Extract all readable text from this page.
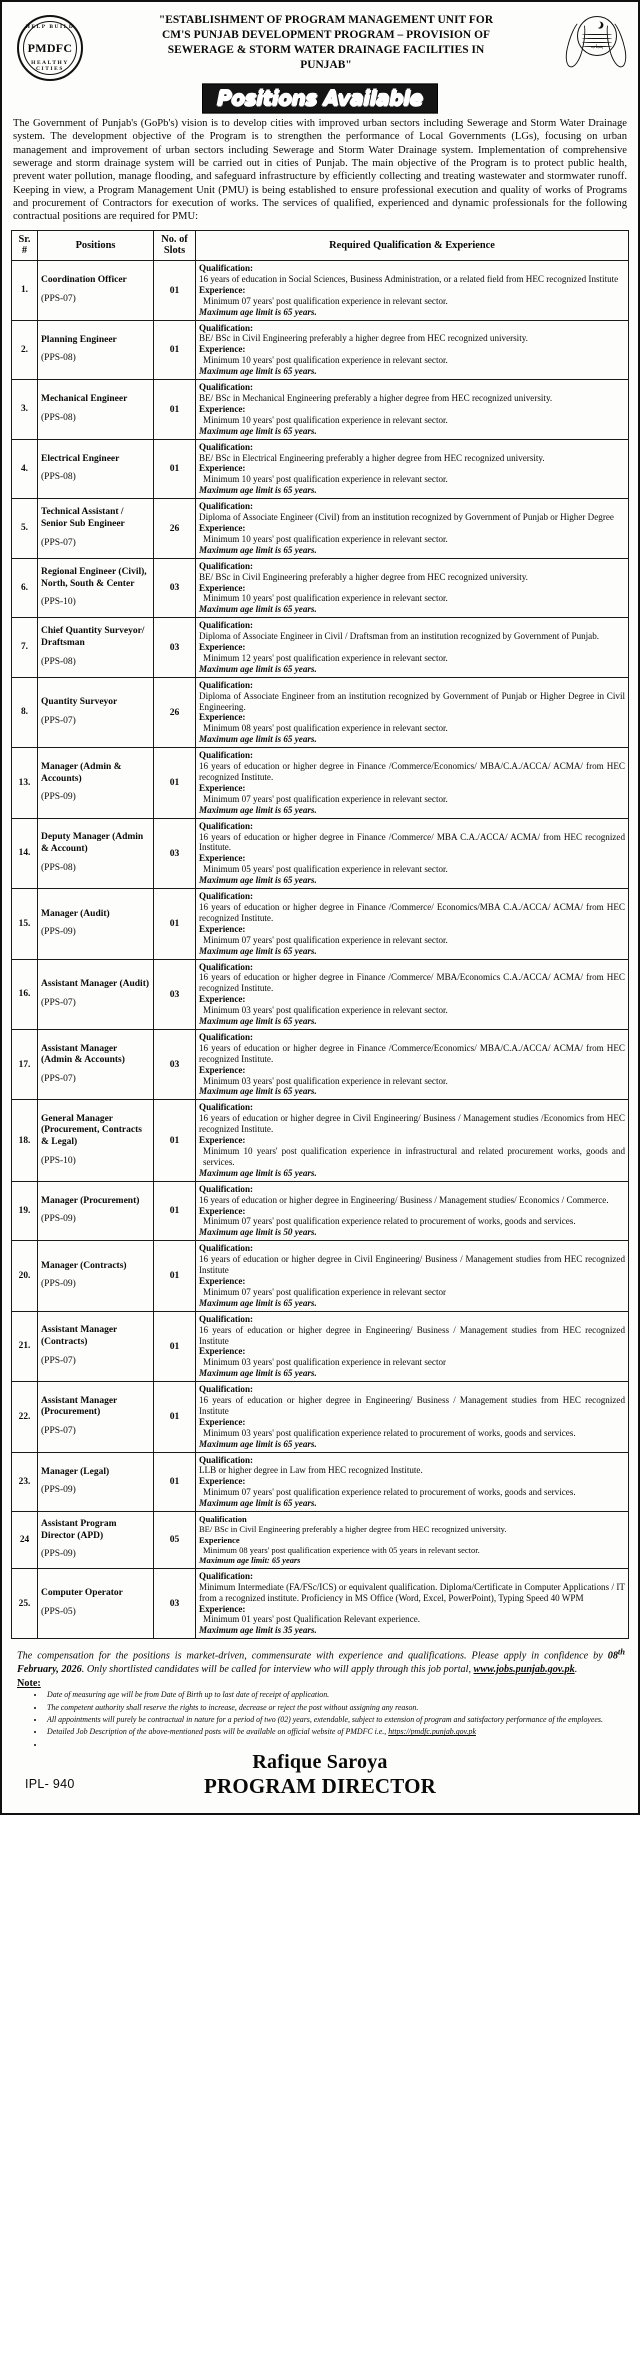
HELP BUILD
PMDFC
HEALTHY CITIES
"ESTABLISHMENT OF PROGRAM MANAGEMENT UNIT FOR
CM'S PUNJAB DEVELOPMENT PROGRAM – PROVISION OF
SEWERAGE & STORM WATER DRAINAGE FACILITIES IN
PUNJAB"
پنجاب
Positions Available

The Government of Punjab's (GoPb's) vision is to develop cities with improved urban sectors including Sewerage and Storm Water Drainage system. The development objective of the Program is to strengthen the performance of Local Governments (LGs), focusing on urban management and improvement of urban sectors including Sewerage and Storm Water Drainage system. Implementation of comprehensive sewerage and storm drainage system will be carried out in cities of Punjab. The main objective of the Program is to protect public health, prevent water pollution, manage flooding, and safeguard infrastructure by efficiently collecting and treating wastewater and stormwater runoff. Keeping in view, a Program Management Unit (PMU) is being established to ensure professional execution and quality of works of Programs and procurement of Contractors for execution of works. The services of qualified, experienced and dynamic professionals for the following contractual positions are required for PMU:

Sr.
#
	Positions	
No. of
Slots
	Required Qualification & Experience
1.	Coordination Officer
(PPS-07)	01	Qualification:
16 years of education in Social Sciences, Business Administration, or a related field from HEC recognized Institute
Experience:
Minimum 07 years' post qualification experience in relevant sector.
Maximum age limit is 65 years.

2.	Planning Engineer
(PPS-08)	01	Qualification:
BE/ BSc in Civil Engineering preferably a higher degree from HEC recognized university.
Experience:
Minimum 10 years' post qualification experience in relevant sector.
Maximum age limit is 65 years.

3.	Mechanical Engineer
(PPS-08)	01	Qualification:
BE/ BSc in Mechanical Engineering preferably a higher degree from HEC recognized university.
Experience:
Minimum 10 years' post qualification experience in relevant sector.
Maximum age limit is 65 years.

4.	Electrical Engineer
(PPS-08)	01	Qualification:
BE/ BSc in Electrical Engineering preferably a higher degree from HEC recognized university.
Experience:
Minimum 10 years' post qualification experience in relevant sector.
Maximum age limit is 65 years.

5.	Technical Assistant / Senior Sub Engineer
(PPS-07)	26	Qualification:
Diploma of Associate Engineer (Civil) from an institution recognized by Government of Punjab or Higher Degree
Experience:
Minimum 10 years' post qualification experience in relevant sector.
Maximum age limit is 65 years.

6.	Regional Engineer (Civil), North, South & Center
(PPS-10)	03	Qualification:
BE/ BSc in Civil Engineering preferably a higher degree from HEC recognized university.
Experience:
Minimum 10 years' post qualification experience in relevant sector.
Maximum age limit is 65 years.

7.	Chief Quantity Surveyor/ Draftsman
(PPS-08)	03	Qualification:
Diploma of Associate Engineer in Civil / Draftsman from an institution recognized by Government of Punjab.
Experience:
Minimum 12 years' post qualification experience in relevant sector.
Maximum age limit is 65 years.

8.	Quantity Surveyor
(PPS-07)	26	Qualification:
Diploma of Associate Engineer from an institution recognized by Government of Punjab or Higher Degree in Civil Engineering.
Experience:
Minimum 08 years' post qualification experience in relevant sector.
Maximum age limit is 65 years.

13.	Manager (Admin & Accounts)
(PPS-09)	01	Qualification:
16 years of education or higher degree in Finance /Commerce/Economics/ MBA/C.A./ACCA/ ACMA/ from HEC recognized Institute.
Experience:
Minimum 07 years' post qualification experience in relevant sector.
Maximum age limit is 65 years.

14.	Deputy Manager (Admin & Account)
(PPS-08)	03	Qualification:
16 years of education or higher degree in Finance /Commerce/ MBA C.A./ACCA/ ACMA/ from HEC recognized Institute.
Experience:
Minimum 05 years' post qualification experience in relevant sector.
Maximum age limit is 65 years.

15.	Manager (Audit)
(PPS-09)	01	Qualification:
16 years of education or higher degree in Finance /Commerce/ Economics/MBA C.A./ACCA/ ACMA/ from HEC recognized Institute.
Experience:
Minimum 07 years' post qualification experience in relevant sector.
Maximum age limit is 65 years.

16.	Assistant Manager (Audit)
(PPS-07)	03	Qualification:
16 years of education or higher degree in Finance /Commerce/ MBA/Economics C.A./ACCA/ ACMA/ from HEC recognized Institute.
Experience:
Minimum 03 years' post qualification experience in relevant sector.
Maximum age limit is 65 years.

17.	Assistant Manager (Admin & Accounts)
(PPS-07)	03	Qualification:
16 years of education or higher degree in Finance /Commerce/Economics/ MBA/C.A./ACCA/ ACMA/ from HEC recognized Institute.
Experience:
Minimum 03 years' post qualification experience in relevant sector.
Maximum age limit is 65 years.

18.	General Manager (Procurement, Contracts & Legal)
(PPS-10)	01	Qualification:
16 years of education or higher degree in Civil Engineering/ Business / Management studies /Economics from HEC recognized Institute.
Experience:
Minimum 10 years' post qualification experience in infrastructural and related procurement works, goods and services.
Maximum age limit is 65 years.

19.	Manager (Procurement)
(PPS-09)	01	Qualification:
16 years of education or higher degree in Engineering/ Business / Management studies/ Economics / Commerce.
Experience:
Minimum 07 years' post qualification experience related to procurement of works, goods and services.
Maximum age limit is 50 years.

20.	Manager (Contracts)
(PPS-09)	01	Qualification:
16 years of education or higher degree in Civil Engineering/ Business / Management studies from HEC recognized Institute
Experience:
Minimum 07 years' post qualification experience in relevant sector
Maximum age limit is 65 years.

21.	Assistant Manager (Contracts)
(PPS-07)	01	Qualification:
16 years of education or higher degree in Engineering/ Business / Management studies from HEC recognized Institute
Experience:
Minimum 03 years' post qualification experience in relevant sector
Maximum age limit is 65 years.

22.	Assistant Manager (Procurement)
(PPS-07)	01	Qualification:
16 years of education or higher degree in Engineering/ Business / Management studies from HEC recognized Institute
Experience:
Minimum 03 years' post qualification experience related to procurement of works, goods and services.
Maximum age limit is 65 years.

23.	Manager (Legal)
(PPS-09)	01	Qualification:
LLB or higher degree in Law from HEC recognized Institute.
Experience:
Minimum 07 years' post qualification experience related to procurement of works, goods and services.
Maximum age limit is 65 years.

24	Assistant Program Director (APD)
(PPS-09)	05	Qualification
BE/ BSc in Civil Engineering preferably a higher degree from HEC recognized university.
Experience
Minimum 08 years' post qualification experience with 05 years in relevant sector.
Maximum age limit: 65 years

25.	Computer Operator
(PPS-05)	03	Qualification:
Minimum Intermediate (FA/FSc/ICS) or equivalent qualification. Diploma/Certificate in Computer Applications / IT from a recognized institute. Proficiency in MS Office (Word, Excel, PowerPoint), Typing Speed 40 WPM
Experience:
Minimum 01 years' post Qualification Relevant experience.
Maximum age limit is 35 years.

The compensation for the positions is market-driven, commensurate with experience and qualifications. Please apply in confidence by 08th February, 2026. Only shortlisted candidates will be called for interview who will apply through this job portal, www.jobs.punjab.gov.pk.

Note:
• Date of measuring age will be from Date of Birth up to last date of receipt of application.
• The competent authority shall reserve the rights to increase, decrease or reject the post without assigning any reason.
• All appointments will purely be contractual in nature for a period of two (02) years, extendable, subject to extension of program and satisfactory performance of the employees.
• Detailed Job Description of the above-mentioned posts will be available on official website of PMDFC i.e., https://pmdfc.punjab.gov.pk
•
Rafique Saroya
PROGRAM DIRECTOR
IPL- 940
